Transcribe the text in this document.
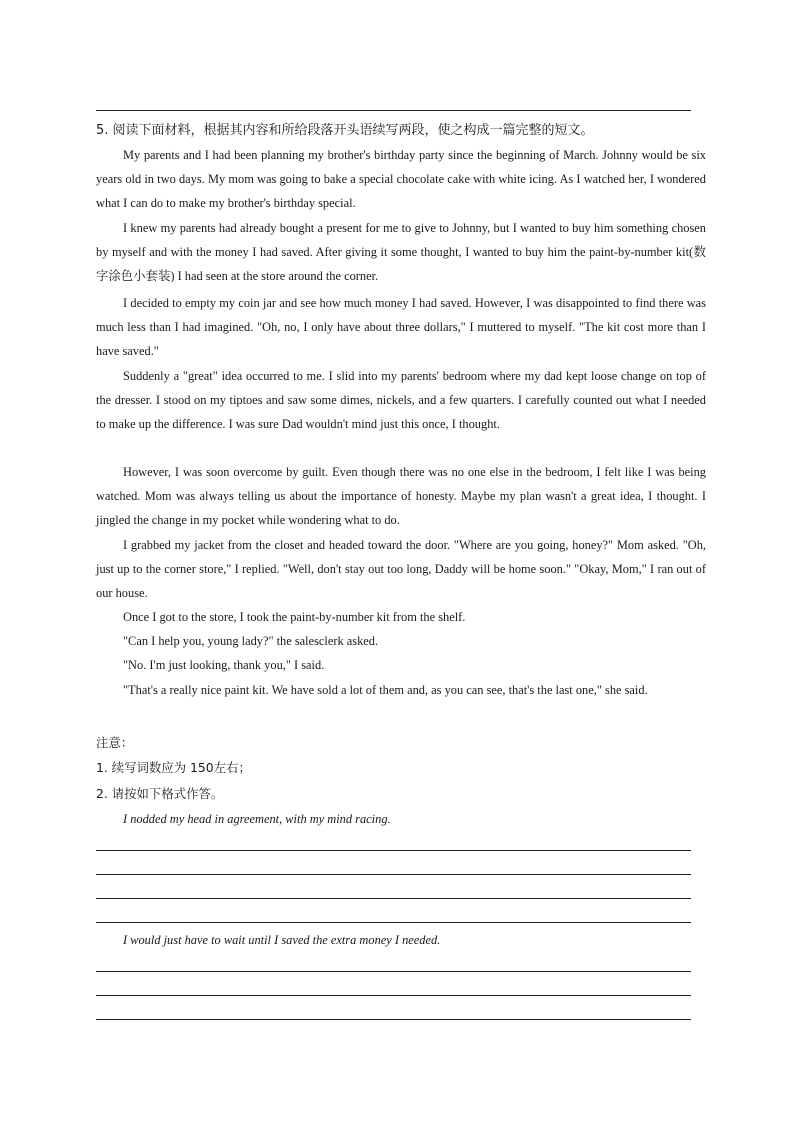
5. 阅读下面材料，根据其内容和所给段落开头语续写两段，使之构成一篇完整的短文。

My parents and I had been planning my brother's birthday party since the beginning of March. Johnny would be six years old in two days. My mom was going to bake a special chocolate cake with white icing. As I watched her, I wondered what I can do to make my brother's birthday special.

I knew my parents had already bought a present for me to give to Johnny, but I wanted to buy him something chosen by myself and with the money I had saved. After giving it some thought, I wanted to buy him the paint-by-number kit(数字涂色小套装) I had seen at the store around the corner.

I decided to empty my coin jar and see how much money I had saved. However, I was disappointed to find there was much less than I had imagined. "Oh, no, I only have about three dollars," I muttered to myself. "The kit cost more than I have saved."

Suddenly a "great" idea occurred to me. I slid into my parents' bedroom where my dad kept loose change on top of the dresser. I stood on my tiptoes and saw some dimes, nickels, and a few quarters. I carefully counted out what I needed to make up the difference. I was sure Dad wouldn't mind just this once, I thought.

However, I was soon overcome by guilt. Even though there was no one else in the bedroom, I felt like I was being watched. Mom was always telling us about the importance of honesty. Maybe my plan wasn't a great idea, I thought. I jingled the change in my pocket while wondering what to do.

I grabbed my jacket from the closet and headed toward the door. "Where are you going, honey?" Mom asked. "Oh, just up to the corner store," I replied. "Well, don't stay out too long, Daddy will be home soon." "Okay, Mom," I ran out of our house.

Once I got to the store, I took the paint-by-number kit from the shelf.

"Can I help you, young lady?" the salesclerk asked.

"No. I'm just looking, thank you," I said.

"That's a really nice paint kit. We have sold a lot of them and, as you can see, that's the last one," she said.

注意：

1. 续写词数应为 150左右；

2. 请按如下格式作答。

I nodded my head in agreement, with my mind racing.
I would just have to wait until I saved the extra money I needed.
